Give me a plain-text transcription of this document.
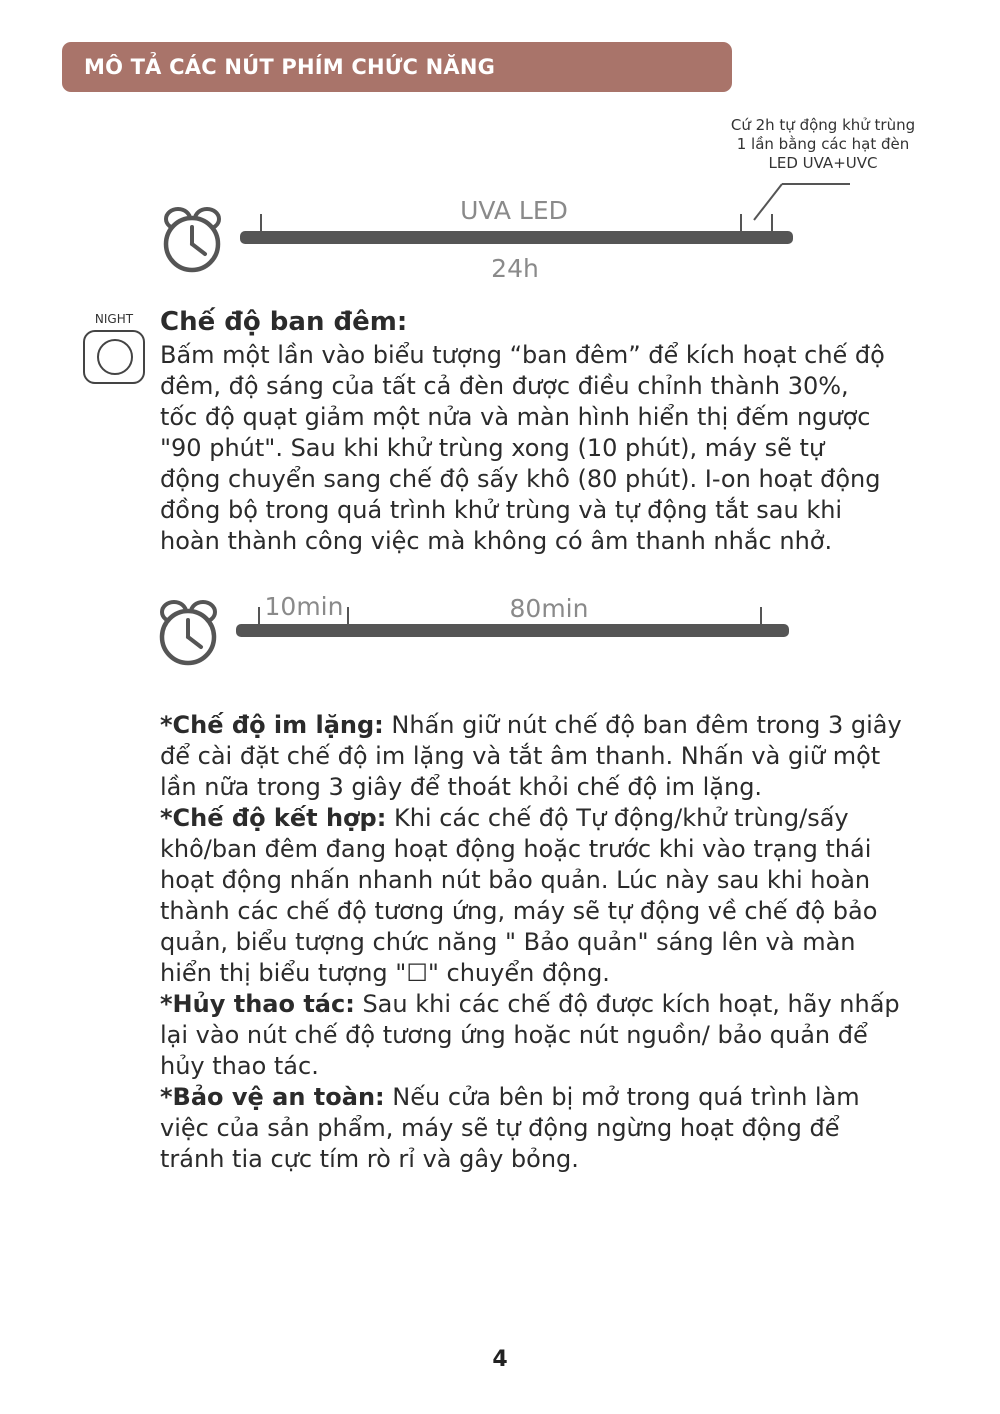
MÔ TẢ CÁC NÚT PHÍM CHỨC NĂNG
Cứ 2h tự động khử trùng
1 lần bằng các hạt đèn
LED UVA+UVC
UVA LED
24h
NIGHT	Chế độ ban đêm:
Bấm một lần vào biểu tượng “ban đêm” để kích hoạt chế độ
đêm, độ sáng của tất cả đèn được điều chỉnh thành 30%,
tốc độ quạt giảm một nửa và màn hình hiển thị đếm ngược
"90 phút". Sau khi khử trùng xong (10 phút), máy sẽ tự
động chuyển sang chế độ sấy khô (80 phút). I-on hoạt động
đồng bộ trong quá trình khử trùng và tự động tắt sau khi
hoàn thành công việc mà không có âm thanh nhắc nhở.
10min	80min
*Chế độ im lặng: Nhấn giữ nút chế độ ban đêm trong 3 giây
để cài đặt chế độ im lặng và tắt âm thanh. Nhấn và giữ một
lần nữa trong 3 giây để thoát khỏi chế độ im lặng.
*Chế độ kết hợp: Khi các chế độ Tự động/khử trùng/sấy
khô/ban đêm đang hoạt động hoặc trước khi vào trạng thái
hoạt động nhấn nhanh nút bảo quản. Lúc này sau khi hoàn
thành các chế độ tương ứng, máy sẽ tự động về chế độ bảo
quản, biểu tượng chức năng " Bảo quản" sáng lên và màn
hiển thị biểu tượng "☐" chuyển động.
*Hủy thao tác: Sau khi các chế độ được kích hoạt, hãy nhấp
lại vào nút chế độ tương ứng hoặc nút nguồn/ bảo quản để
hủy thao tác.
*Bảo vệ an toàn: Nếu cửa bên bị mở trong quá trình làm
việc của sản phẩm, máy sẽ tự động ngừng hoạt động để
tránh tia cực tím rò rỉ và gây bỏng.
4
